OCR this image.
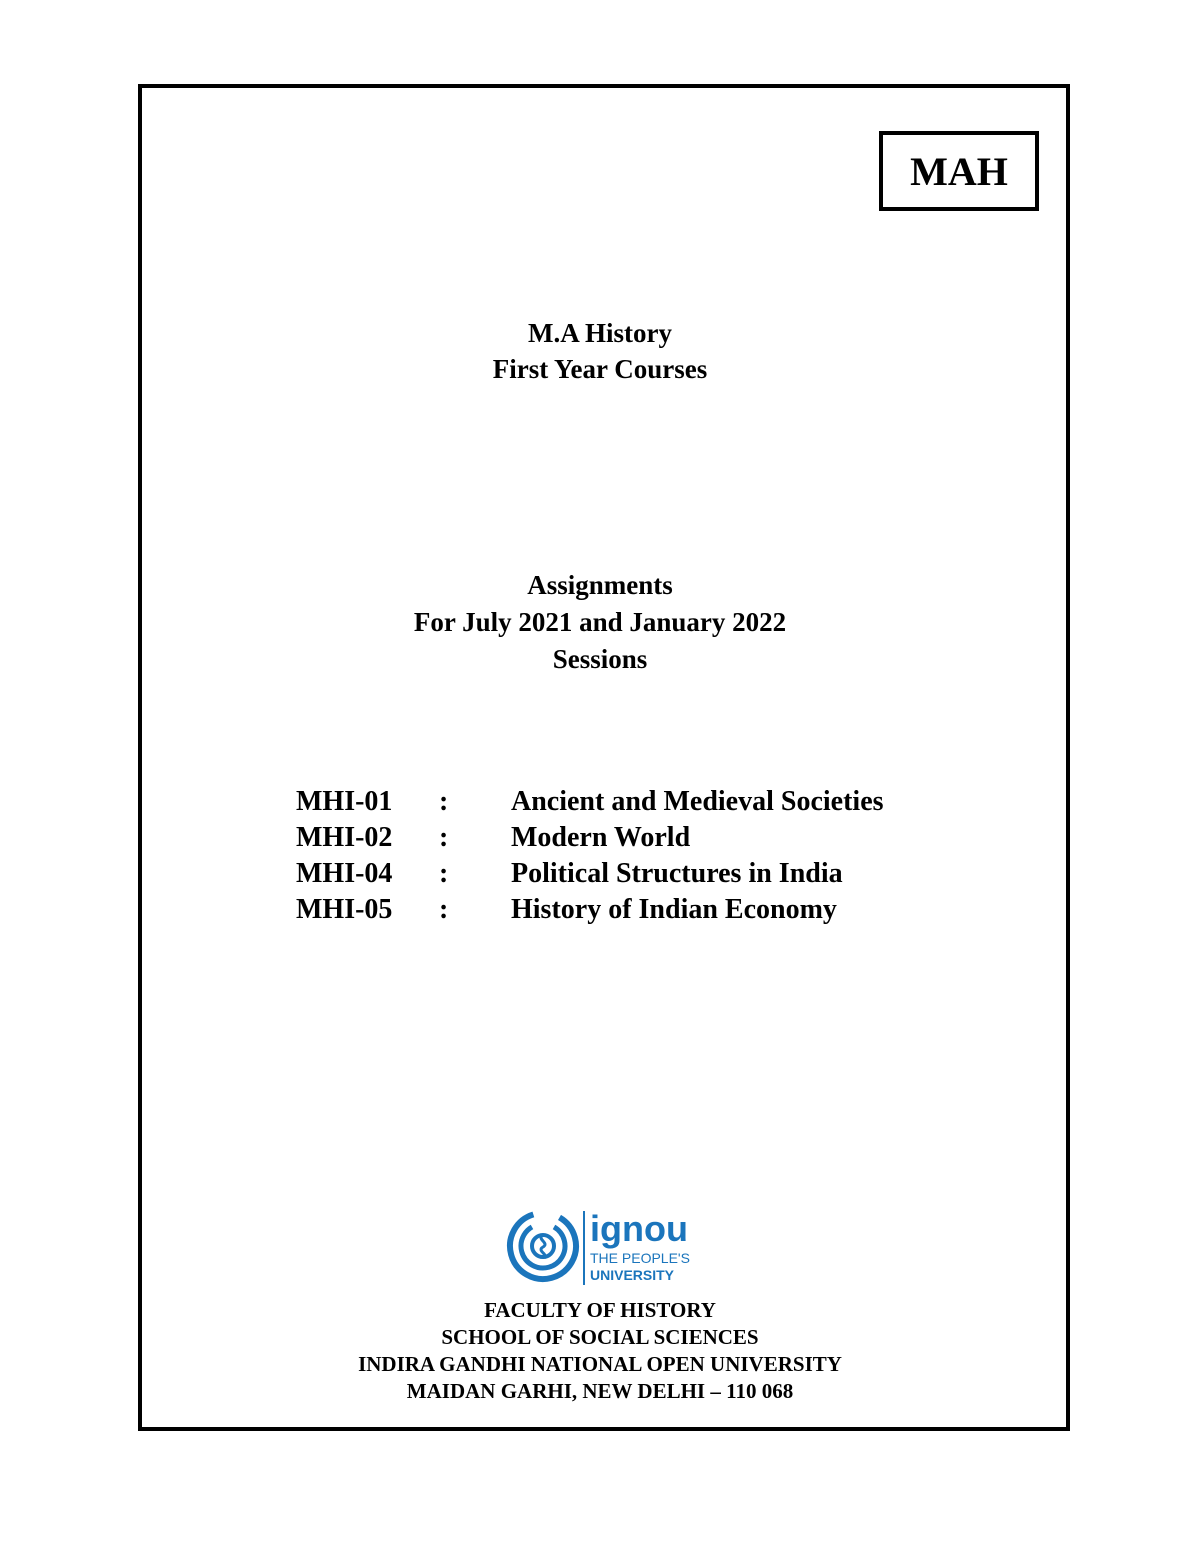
MAH
M.A History
First Year Courses
Assignments
For July 2021 and January 2022
Sessions
MHI-01	:	Ancient and Medieval Societies
MHI-02	:	Modern World
MHI-04	:	Political Structures in India
MHI-05	:	History of Indian Economy
ignou
THE PEOPLE'S
UNIVERSITY
FACULTY OF HISTORY
SCHOOL OF SOCIAL SCIENCES
INDIRA GANDHI NATIONAL OPEN UNIVERSITY
MAIDAN GARHI, NEW DELHI – 110 068
